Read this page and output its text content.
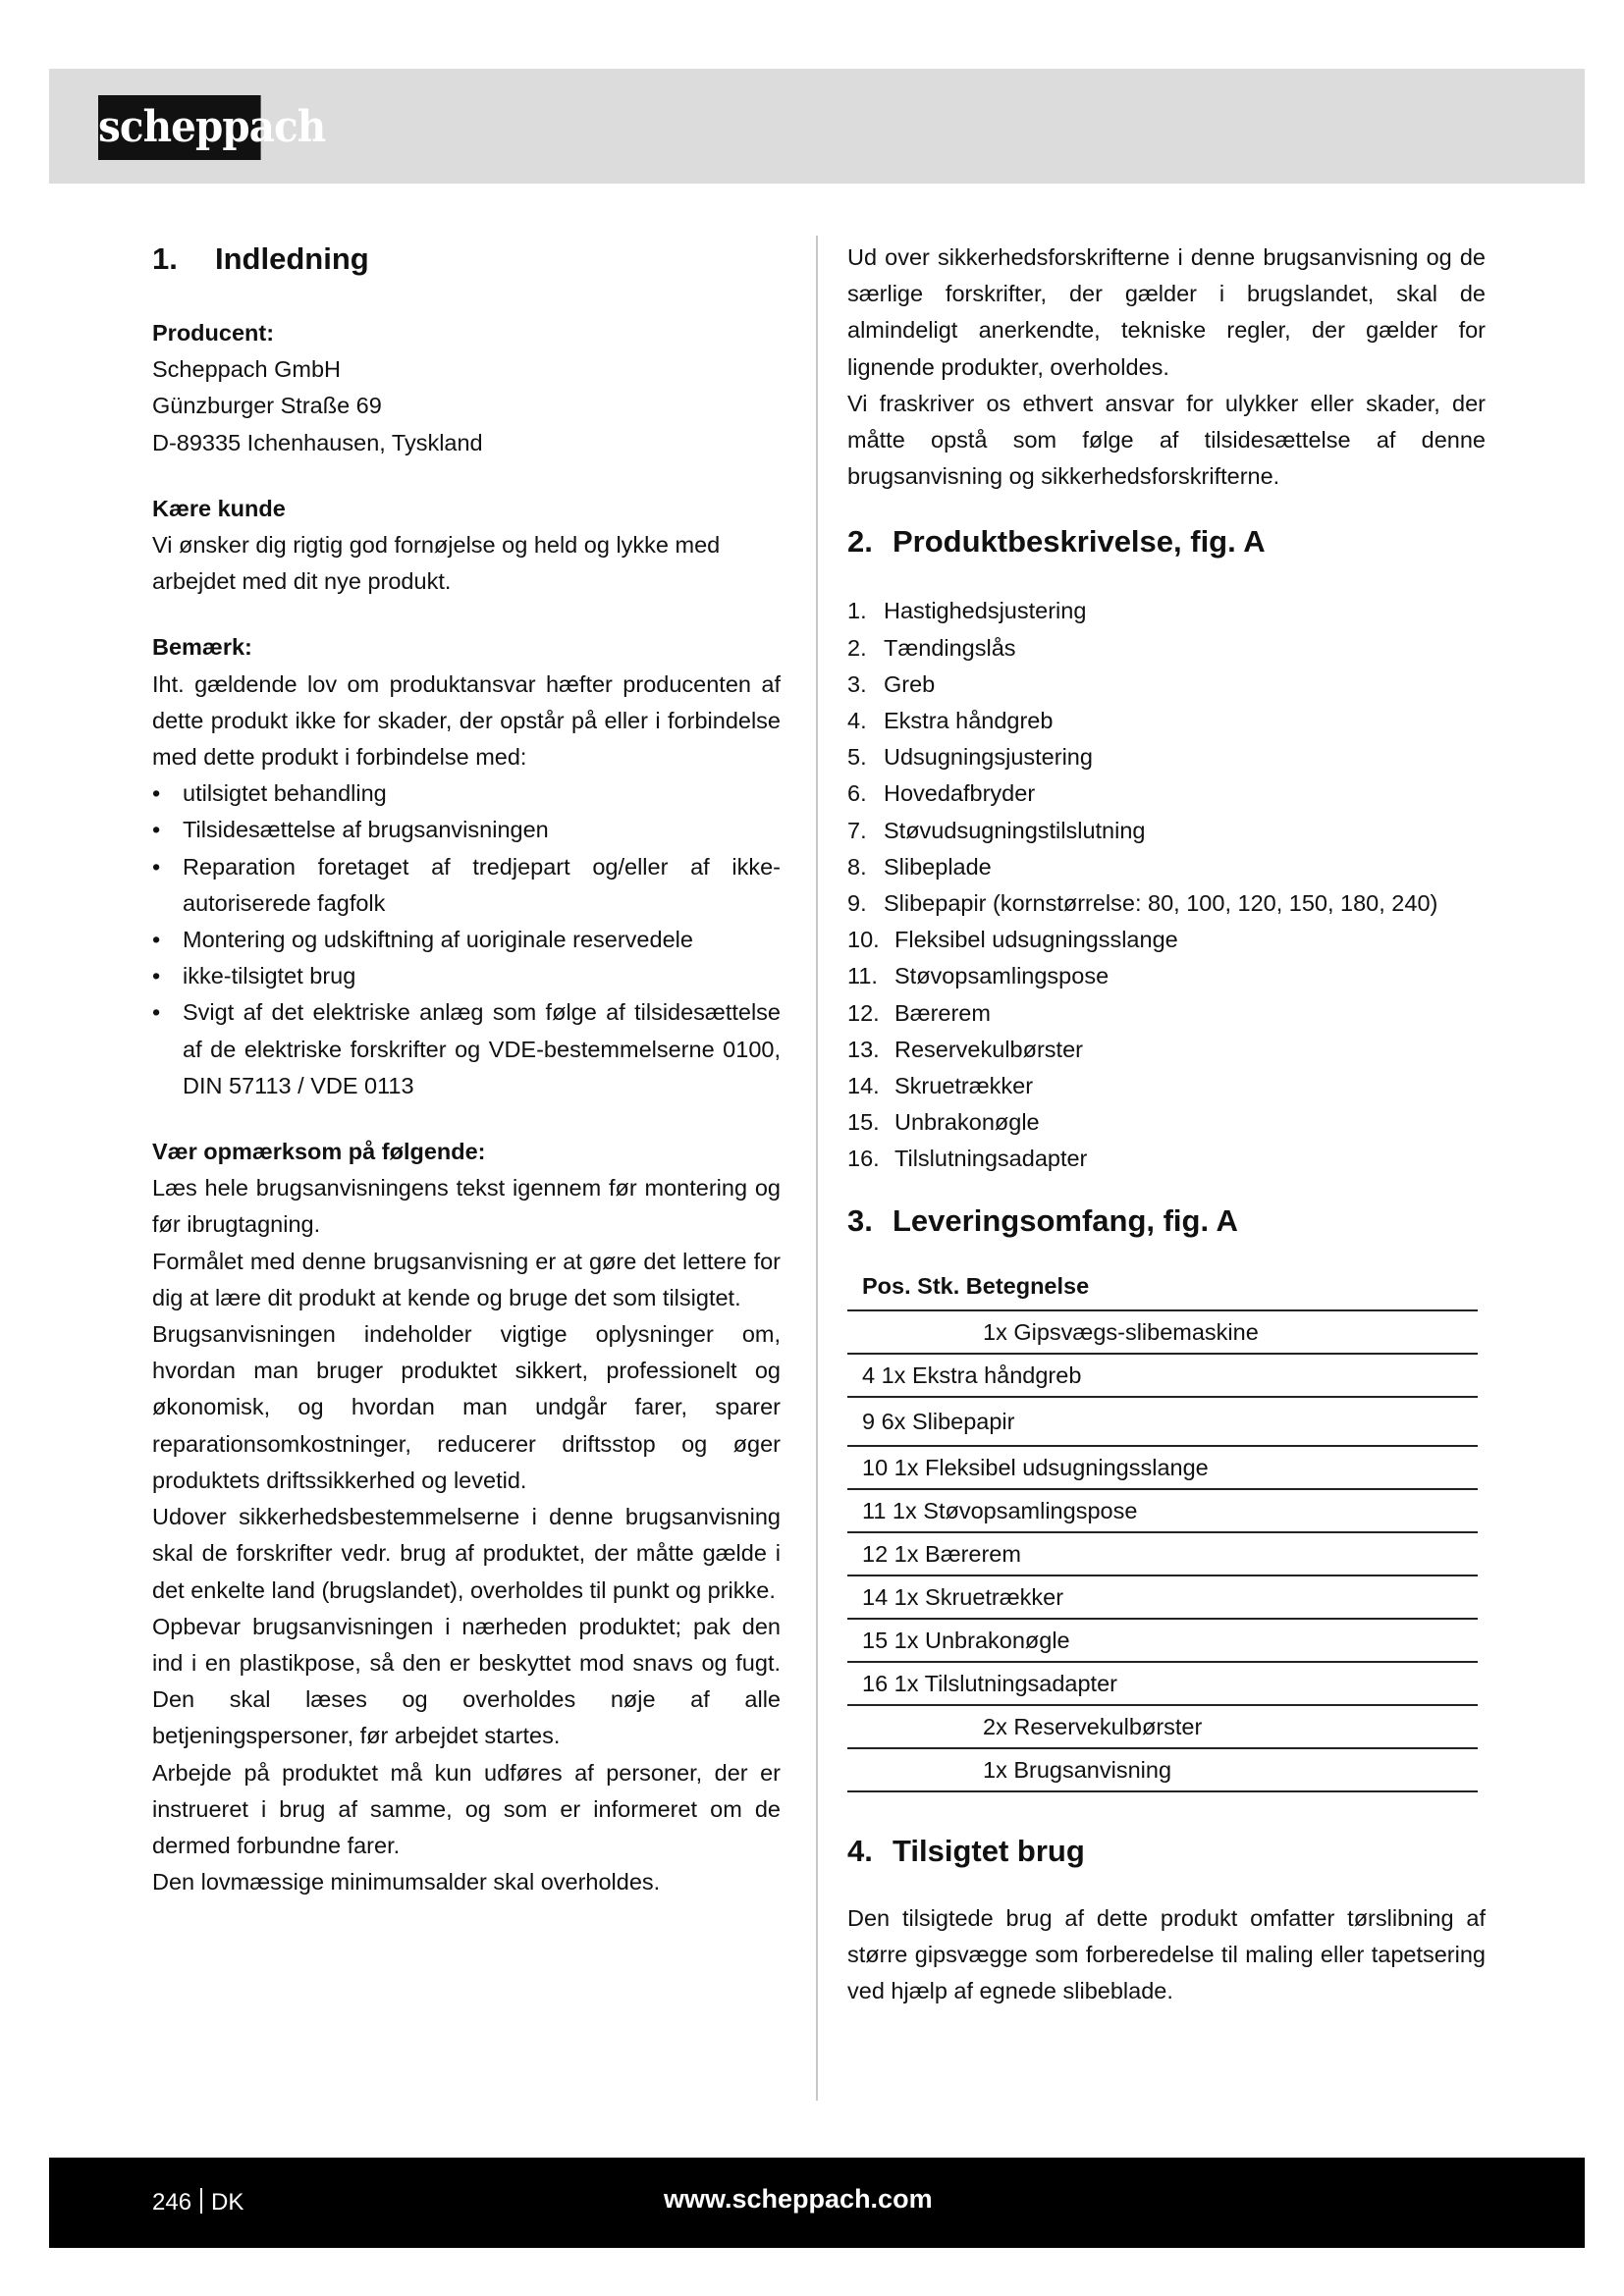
scheppach
1.	Indledning

Producent:

Scheppach GmbH

Günzburger Straße 69

D-89335 Ichenhausen, Tyskland

Kære kunde

Vi ønsker dig rigtig god fornøjelse og held og lykke med arbejdet med dit nye produkt.

Bemærk:

Iht. gældende lov om produktansvar hæfter producenten af dette produkt ikke for skader, der opstår på eller i forbindelse med dette produkt i forbindelse med:

• utilsigtet behandling
• Tilsidesættelse af brugsanvisningen
• Reparation foretaget af tredjepart og/eller af ikke-autoriserede fagfolk
• Montering og udskiftning af uoriginale reservedele
• ikke-tilsigtet brug
• Svigt af det elektriske anlæg som følge af tilsidesættelse af de elektriske forskrifter og VDE-bestemmelserne 0100, DIN 57113 / VDE 0113

Vær opmærksom på følgende:

Læs hele brugsanvisningens tekst igennem før montering og før ibrugtagning.

Formålet med denne brugsanvisning er at gøre det lettere for dig at lære dit produkt at kende og bruge det som tilsigtet.

Brugsanvisningen indeholder vigtige oplysninger om, hvordan man bruger produktet sikkert, professionelt og økonomisk, og hvordan man undgår farer, sparer reparationsomkostninger, reducerer driftsstop og øger produktets driftssikkerhed og levetid.

Udover sikkerhedsbestemmelserne i denne brugsanvisning skal de forskrifter vedr. brug af produktet, der måtte gælde i det enkelte land (brugslandet), overholdes til punkt og prikke.

Opbevar brugsanvisningen i nærheden produktet; pak den ind i en plastikpose, så den er beskyttet mod snavs og fugt. Den skal læses og overholdes nøje af alle betjeningspersoner, før arbejdet startes.

Arbejde på produktet må kun udføres af personer, der er instrueret i brug af samme, og som er informeret om de dermed forbundne farer.

Den lovmæssige minimumsalder skal overholdes.

Ud over sikkerhedsforskrifterne i denne brugsanvisning og de særlige forskrifter, der gælder i brugslandet, skal de almindeligt anerkendte, tekniske regler, der gælder for lignende produkter, overholdes.

Vi fraskriver os ethvert ansvar for ulykker eller skader, der måtte opstå som følge af tilsidesættelse af denne brugsanvisning og sikkerhedsforskrifterne.

2. Produktbeskrivelse, fig. A
1. Hastighedsjustering
2. Tændingslås
3. Greb
4. Ekstra håndgreb
5. Udsugningsjustering
6. Hovedafbryder
7. Støvudsugningstilslutning
8. Slibeplade
9. Slibepapir (kornstørrelse: 80, 100, 120, 150, 180, 240)
10. Fleksibel udsugningsslange
11. Støvopsamlingspose
12. Bærerem
13. Reservekulbørster
14. Skruetrækker
15. Unbrakonøgle
16. Tilslutningsadapter
3. Leveringsomfang, fig. A
Pos. Stk. Betegnelse
1x Gipsvægs-slibemaskine
4 1x Ekstra håndgreb
9 6x Slibepapir
10 1x Fleksibel udsugningsslange
11 1x Støvopsamlingspose
12 1x Bærerem
14 1x Skruetrækker
15 1x Unbrakonøgle
16 1x Tilslutningsadapter
2x Reservekulbørster
1x Brugsanvisning
4. Tilsigtet brug

Den tilsigtede brug af dette produkt omfatter tørslibning af større gipsvægge som forberedelse til maling eller tapetsering ved hjælp af egnede slibeblade.

246 DK	www.scheppach.com
